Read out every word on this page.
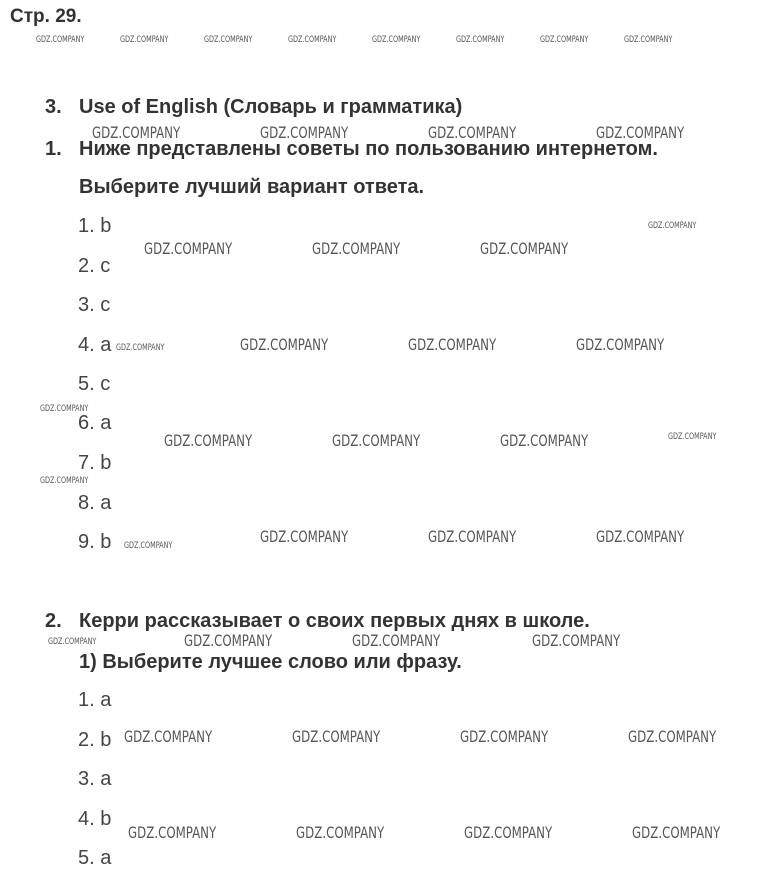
Стр. 29.
3. Use of English (Словарь и грамматика)
1. Ниже представлены советы по пользованию интернетом.
Выберите лучший вариант ответа.
1. b
2. c
3. c
4. a
5. c
6. a
7. b
8. a
9. b
2. Керри рассказывает о своих первых днях в школе.
1) Выберите лучшее слово или фразу.
1. a
2. b
3. a
4. b
5. a
GDZ.COMPANY	GDZ.COMPANY	GDZ.COMPANY	GDZ.COMPANY	GDZ.COMPANY	GDZ.COMPANY	GDZ.COMPANY	GDZ.COMPANY
GDZ.COMPANY	GDZ.COMPANY	GDZ.COMPANY	GDZ.COMPANY
GDZ.COMPANY
GDZ.COMPANY	GDZ.COMPANY	GDZ.COMPANY
GDZ.COMPANY	GDZ.COMPANY	GDZ.COMPANY	GDZ.COMPANY
GDZ.COMPANY
GDZ.COMPANY	GDZ.COMPANY	GDZ.COMPANY	GDZ.COMPANY
GDZ.COMPANY
GDZ.COMPANY	GDZ.COMPANY	GDZ.COMPANY	GDZ.COMPANY
GDZ.COMPANY	GDZ.COMPANY	GDZ.COMPANY	GDZ.COMPANY
GDZ.COMPANY	GDZ.COMPANY	GDZ.COMPANY	GDZ.COMPANY
GDZ.COMPANY	GDZ.COMPANY	GDZ.COMPANY	GDZ.COMPANY
